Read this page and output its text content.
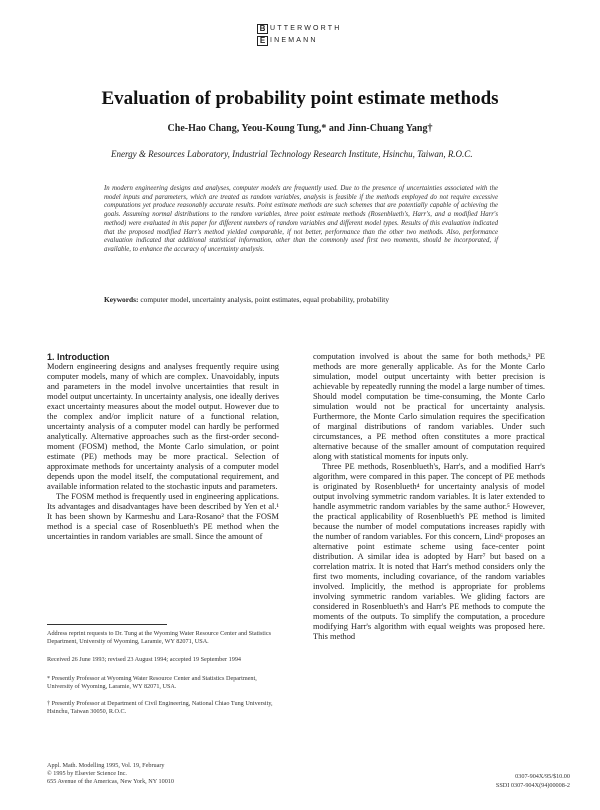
B UTTERWORTH
E INEMANN
Evaluation of probability point estimate methods

Che-Hao Chang, Yeou-Koung Tung,* and Jinn-Chuang Yang†

Energy & Resources Laboratory, Industrial Technology Research Institute, Hsinchu, Taiwan, R.O.C.

In modern engineering designs and analyses, computer models are frequently used. Due to the presence of uncertainties associated with the model inputs and parameters, which are treated as random variables, analysis is feasible if the methods employed do not require excessive computations yet produce reasonably accurate results. Point estimate methods are such schemes that are potentially capable of achieving the goals. Assuming normal distributions to the random variables, three point estimate methods (Rosenblueth's, Harr's, and a modified Harr's method) were evaluated in this paper for different numbers of random variables and different model types. Results of this evaluation indicated that the proposed modified Harr's method yielded comparable, if not better, performance than the other two methods. Also, performance evaluation indicated that additional statistical information, other than the commonly used first two moments, should be incorporated, if available, to enhance the accuracy of uncertainty analysis.

Keywords: computer model, uncertainty analysis, point estimates, equal probability, probability

1. Introduction

Modern engineering designs and analyses frequently require using computer models, many of which are complex. Unavoidably, inputs and parameters in the model involve uncertainties that result in model output uncertainty. In uncertainty analysis, one ideally derives exact uncertainty measures about the model output. However due to the complex and/or implicit nature of a functional relation, uncertainty analysis of a computer model can hardly be performed analytically. Alternative approaches such as the first-order second-moment (FOSM) method, the Monte Carlo simulation, or point estimate (PE) methods may be more practical. Selection of approximate methods for uncertainty analysis of a computer model depends upon the model itself, the computational requirement, and available information related to the stochastic inputs and parameters.

The FOSM method is frequently used in engineering applications. Its advantages and disadvantages have been described by Yen et al.¹ It has been shown by Karmeshu and Lara-Rosano² that the FOSM method is a special case of Rosenblueth's PE method when the uncertainties in random variables are small. Since the amount of

computation involved is about the same for both methods,³ PE methods are more generally applicable. As for the Monte Carlo simulation, model output uncertainty with better precision is achievable by repeatedly running the model a large number of times. Should model computation be time-consuming, the Monte Carlo simulation would not be practical for uncertainty analysis. Furthermore, the Monte Carlo simulation requires the specification of marginal distributions of random variables. Under such circumstances, a PE method often constitutes a more practical alternative because of the smaller amount of computation required along with statistical moments for inputs only.

Three PE methods, Rosenblueth's, Harr's, and a modified Harr's algorithm, were compared in this paper. The concept of PE methods is originated by Rosenblueth⁴ for uncertainty analysis of model output involving symmetric random variables. It is later extended to handle asymmetric random variables by the same author.⁵ However, the practical applicability of Rosenblueth's PE method is limited because the number of model computations increases rapidly with the number of random variables. For this concern, Lind⁶ proposes an alternative point estimate scheme using face-center point distribution. A similar idea is adopted by Harr⁷ but based on a correlation matrix. It is noted that Harr's method considers only the first two moments, including covariance, of the random variables involved. Implicitly, the method is appropriate for problems involving symmetric random variables. We gliding factors are considered in Rosenblueth's and Harr's PE methods to compute the moments of the outputs. To simplify the computation, a procedure modifying Harr's algorithm with equal weights was proposed here. This method

Address reprint requests to Dr. Tung at the Wyoming Water Resource Center and Statistics Department, University of Wyoming, Laramie, WY 82071, USA.

Received 26 June 1993; revised 23 August 1994; accepted 19 September 1994

* Presently Professor at Wyoming Water Resource Center and Statistics Department, University of Wyoming, Laramie, WY 82071, USA.

† Presently Professor at Department of Civil Engineering, National Chiao Tung University, Hsinchu, Taiwan 30050, R.O.C.

Appl. Math. Modelling 1995, Vol. 19, February
© 1995 by Elsevier Science Inc.
655 Avenue of the Americas, New York, NY 10010
0307-904X/95/$10.00
SSDI 0307-904X(94)00008-2
